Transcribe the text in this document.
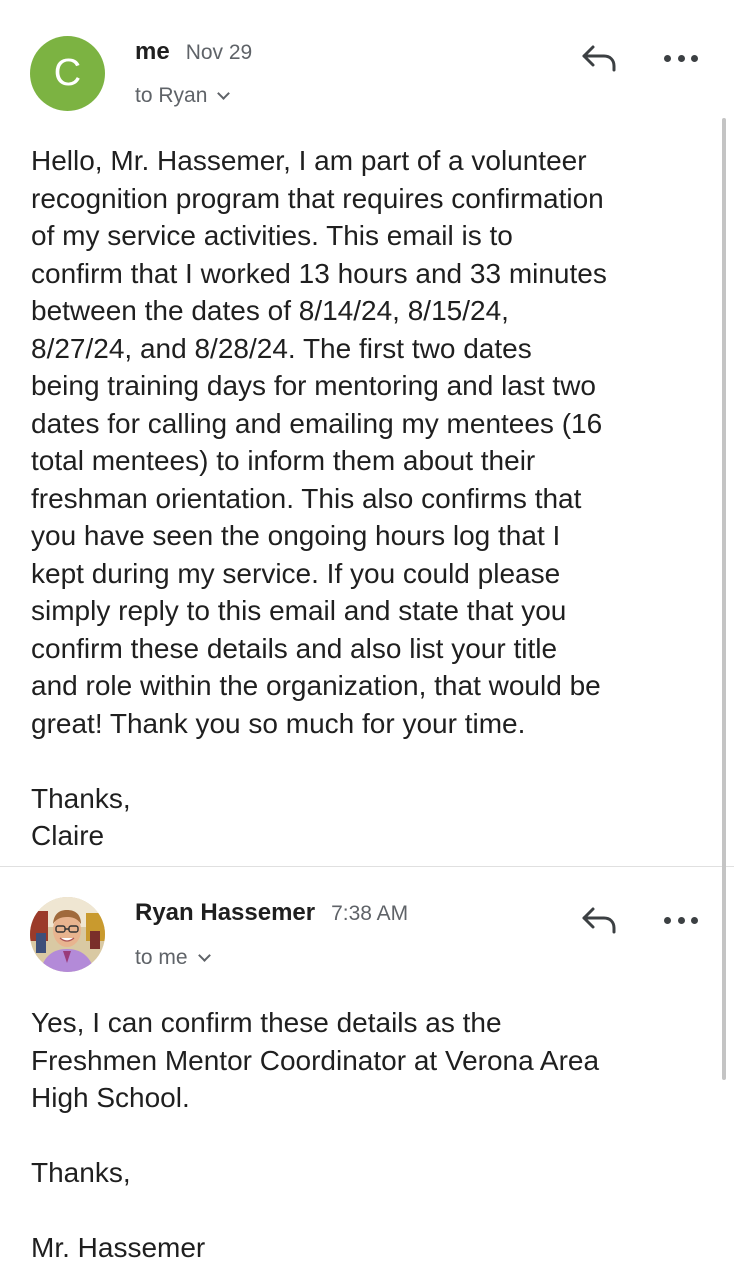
C
me Nov 29
to Ryan

Hello, Mr. Hassemer, I am part of a volunteer
recognition program that requires confirmation
of my service activities. This email is to
confirm that I worked 13 hours and 33 minutes
between the dates of 8/14/24, 8/15/24,
8/27/24, and 8/28/24. The first two dates
being training days for mentoring and last two
dates for calling and emailing my mentees (16
total mentees) to inform them about their
freshman orientation. This also confirms that
you have seen the ongoing hours log that I
kept during my service. If you could please
simply reply to this email and state that you
confirm these details and also list your title
and role within the organization, that would be
great! Thank you so much for your time.

Thanks,
Claire

Ryan Hassemer 7:38 AM
to me

Yes, I can confirm these details as the
Freshmen Mentor Coordinator at Verona Area
High School.

Thanks,

Mr. Hassemer
